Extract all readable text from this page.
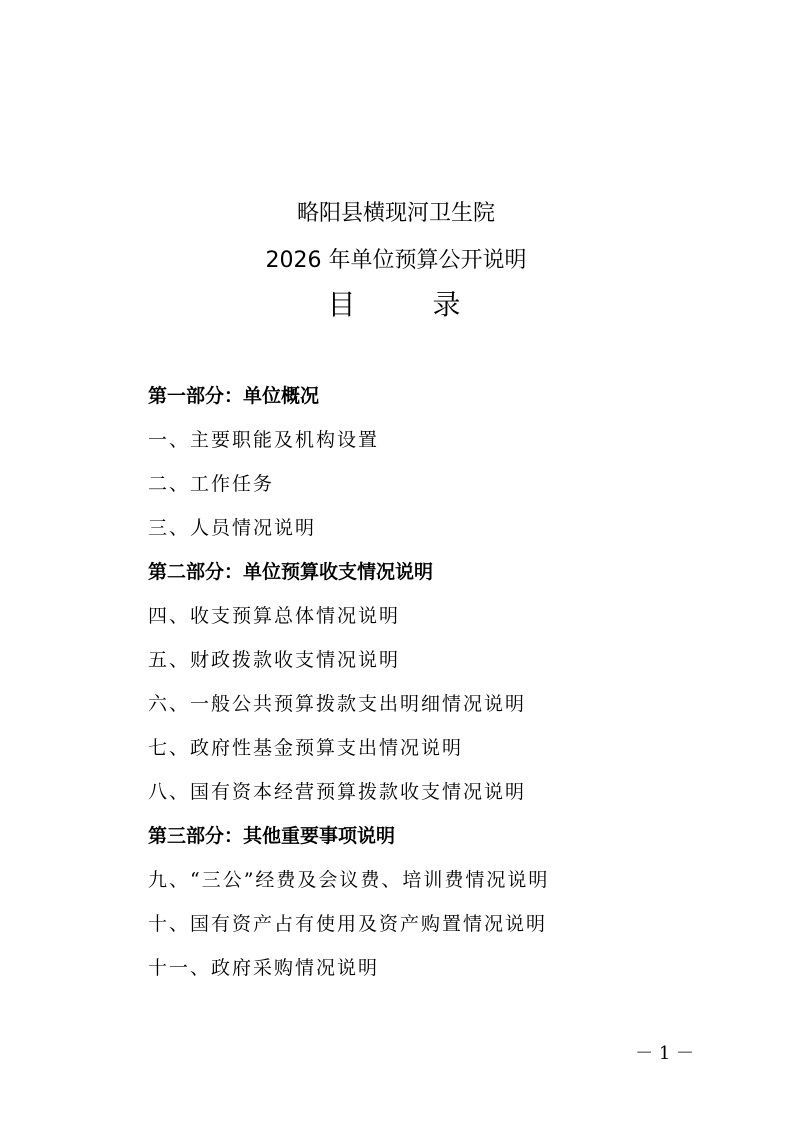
略阳县横现河卫生院
2026 年单位预算公开说明
目 录
第一部分：单位概况
一、主要职能及机构设置
二、工作任务
三、人员情况说明
第二部分：单位预算收支情况说明
四、收支预算总体情况说明
五、财政拨款收支情况说明
六、一般公共预算拨款支出明细情况说明
七、政府性基金预算支出情况说明
八、国有资本经营预算拨款收支情况说明
第三部分：其他重要事项说明
九、“三公”经费及会议费、培训费情况说明
十、国有资产占有使用及资产购置情况说明
十一、政府采购情况说明
－ 1 －
